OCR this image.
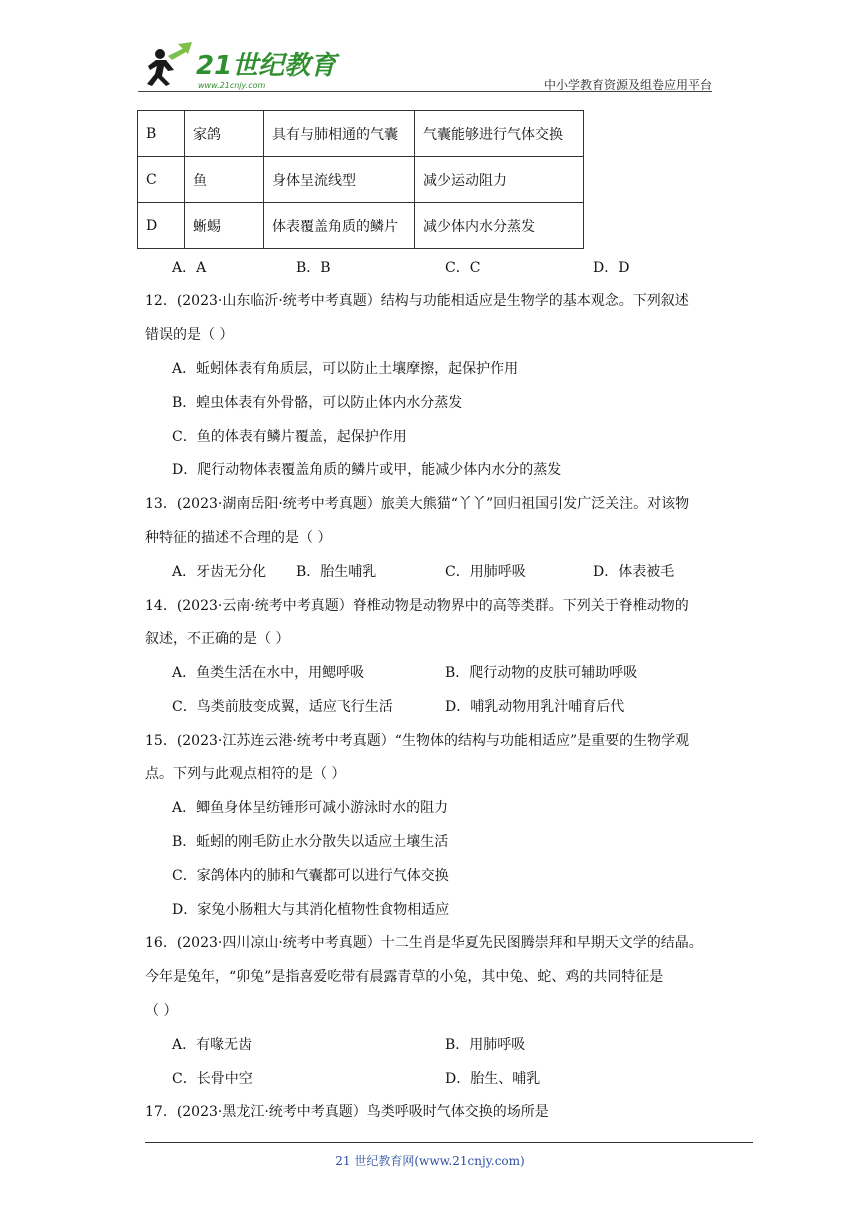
21世纪教育
www.21cnjy.com	中小学教育资源及组卷应用平台
B	家鸽	具有与肺相通的气囊	气囊能够进行气体交换
C	鱼	身体呈流线型	减少运动阻力
D	蜥蜴	体表覆盖角质的鳞片	减少体内水分蒸发
A．A	B．B	C．C	D．D
12．(2023·山东临沂·统考中考真题）结构与功能相适应是生物学的基本观念。下列叙述
错误的是（ ）
A．蚯蚓体表有角质层，可以防止土壤摩擦，起保护作用
B．蝗虫体表有外骨骼，可以防止体内水分蒸发
C．鱼的体表有鳞片覆盖，起保护作用
D．爬行动物体表覆盖角质的鳞片或甲，能减少体内水分的蒸发
13．(2023·湖南岳阳·统考中考真题）旅美大熊猫“丫丫”回归祖国引发广泛关注。对该物
种特征的描述不合理的是（ ）
A．牙齿无分化 B．胎生哺乳	C．用肺呼吸	D．体表被毛
14．(2023·云南·统考中考真题）脊椎动物是动物界中的高等类群。下列关于脊椎动物的
叙述，不正确的是（ ）
A．鱼类生活在水中，用鳃呼吸	B．爬行动物的皮肤可辅助呼吸
C．鸟类前肢变成翼，适应飞行生活	D．哺乳动物用乳汁哺育后代
15．(2023·江苏连云港·统考中考真题）“生物体的结构与功能相适应”是重要的生物学观
点。下列与此观点相符的是（ ）
A．鲫鱼身体呈纺锤形可减小游泳时水的阻力
B．蚯蚓的刚毛防止水分散失以适应土壤生活
C．家鸽体内的肺和气囊都可以进行气体交换
D．家兔小肠粗大与其消化植物性食物相适应
16．(2023·四川凉山·统考中考真题）十二生肖是华夏先民图腾崇拜和早期天文学的结晶。
今年是兔年，“卯兔”是指喜爱吃带有晨露青草的小兔，其中兔、蛇、鸡的共同特征是
（ ）
A．有喙无齿	B．用肺呼吸
C．长骨中空	D．胎生、哺乳
17．(2023·黑龙江·统考中考真题）鸟类呼吸时气体交换的场所是
21 世纪教育网(www.21cnjy.com)
